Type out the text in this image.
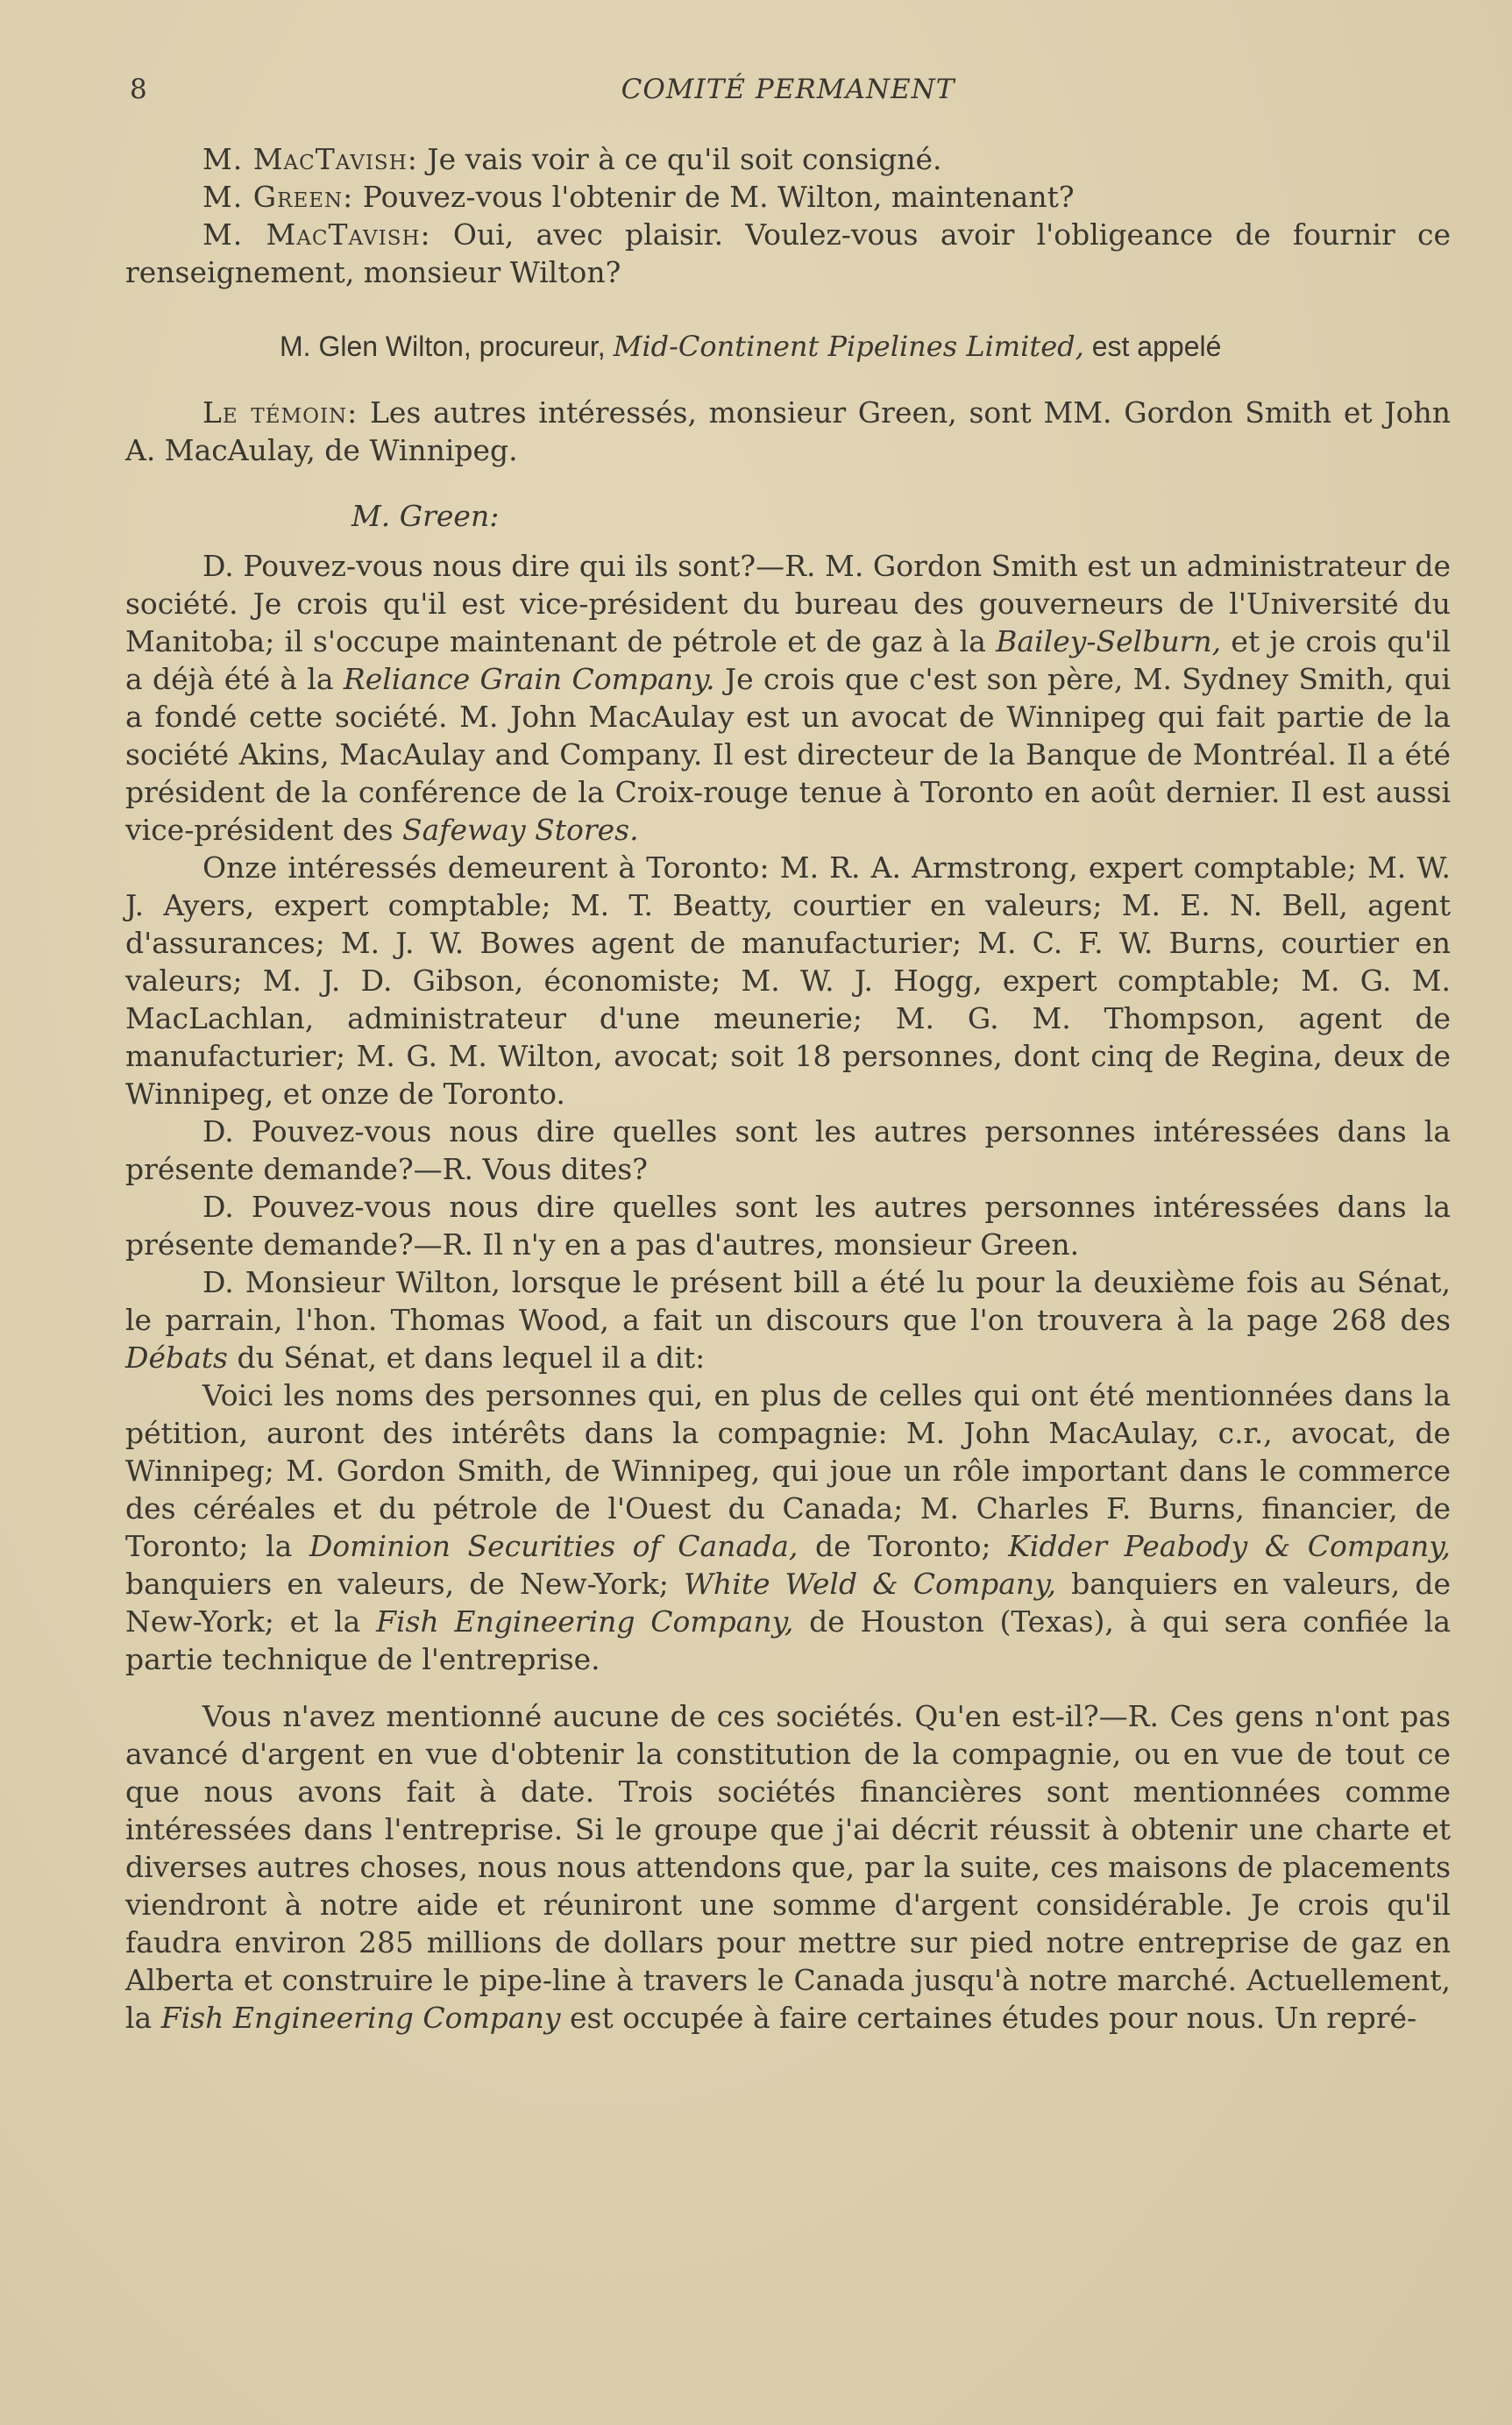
8	COMITÉ PERMANENT

M. MacTavish: Je vais voir à ce qu'il soit consigné.

M. Green: Pouvez-vous l'obtenir de M. Wilton, maintenant?

M. MacTavish: Oui, avec plaisir. Voulez-vous avoir l'obligeance de fournir ce renseignement, monsieur Wilton?

M. Glen Wilton, procureur, Mid-Continent Pipelines Limited, est appelé

Le témoin: Les autres intéressés, monsieur Green, sont MM. Gordon Smith et John A. MacAulay, de Winnipeg.

M. Green:

D. Pouvez-vous nous dire qui ils sont?—R. M. Gordon Smith est un administrateur de société. Je crois qu'il est vice-président du bureau des gouverneurs de l'Université du Manitoba; il s'occupe maintenant de pétrole et de gaz à la Bailey-Selburn, et je crois qu'il a déjà été à la Reliance Grain Company. Je crois que c'est son père, M. Sydney Smith, qui a fondé cette société. M. John MacAulay est un avocat de Winnipeg qui fait partie de la société Akins, MacAulay and Company. Il est directeur de la Banque de Montréal. Il a été président de la conférence de la Croix-rouge tenue à Toronto en août dernier. Il est aussi vice-président des Safeway Stores.

Onze intéressés demeurent à Toronto: M. R. A. Armstrong, expert comptable; M. W. J. Ayers, expert comptable; M. T. Beatty, courtier en valeurs; M. E. N. Bell, agent d'assurances; M. J. W. Bowes agent de manufacturier; M. C. F. W. Burns, courtier en valeurs; M. J. D. Gibson, économiste; M. W. J. Hogg, expert comptable; M. G. M. MacLachlan, administrateur d'une meunerie; M. G. M. Thompson, agent de manufacturier; M. G. M. Wilton, avocat; soit 18 personnes, dont cinq de Regina, deux de Winnipeg, et onze de Toronto.

D. Pouvez-vous nous dire quelles sont les autres personnes intéressées dans la présente demande?—R. Vous dites?

D. Pouvez-vous nous dire quelles sont les autres personnes intéressées dans la présente demande?—R. Il n'y en a pas d'autres, monsieur Green.

D. Monsieur Wilton, lorsque le présent bill a été lu pour la deuxième fois au Sénat, le parrain, l'hon. Thomas Wood, a fait un discours que l'on trouvera à la page 268 des Débats du Sénat, et dans lequel il a dit:

Voici les noms des personnes qui, en plus de celles qui ont été mentionnées dans la pétition, auront des intérêts dans la compagnie: M. John MacAulay, c.r., avocat, de Winnipeg; M. Gordon Smith, de Winnipeg, qui joue un rôle important dans le commerce des céréales et du pétrole de l'Ouest du Canada; M. Charles F. Burns, financier, de Toronto; la Dominion Securities of Canada, de Toronto; Kidder Peabody & Company, banquiers en valeurs, de New-York; White Weld & Company, banquiers en valeurs, de New-York; et la Fish Engineering Company, de Houston (Texas), à qui sera confiée la partie technique de l'entreprise.

Vous n'avez mentionné aucune de ces sociétés. Qu'en est-il?—R. Ces gens n'ont pas avancé d'argent en vue d'obtenir la constitution de la compagnie, ou en vue de tout ce que nous avons fait à date. Trois sociétés financières sont mentionnées comme intéressées dans l'entreprise. Si le groupe que j'ai décrit réussit à obtenir une charte et diverses autres choses, nous nous attendons que, par la suite, ces maisons de placements viendront à notre aide et réuniront une somme d'argent considérable. Je crois qu'il faudra environ 285 millions de dollars pour mettre sur pied notre entreprise de gaz en Alberta et construire le pipe-line à travers le Canada jusqu'à notre marché. Actuellement, la Fish Engineering Company est occupée à faire certaines études pour nous. Un repré-
